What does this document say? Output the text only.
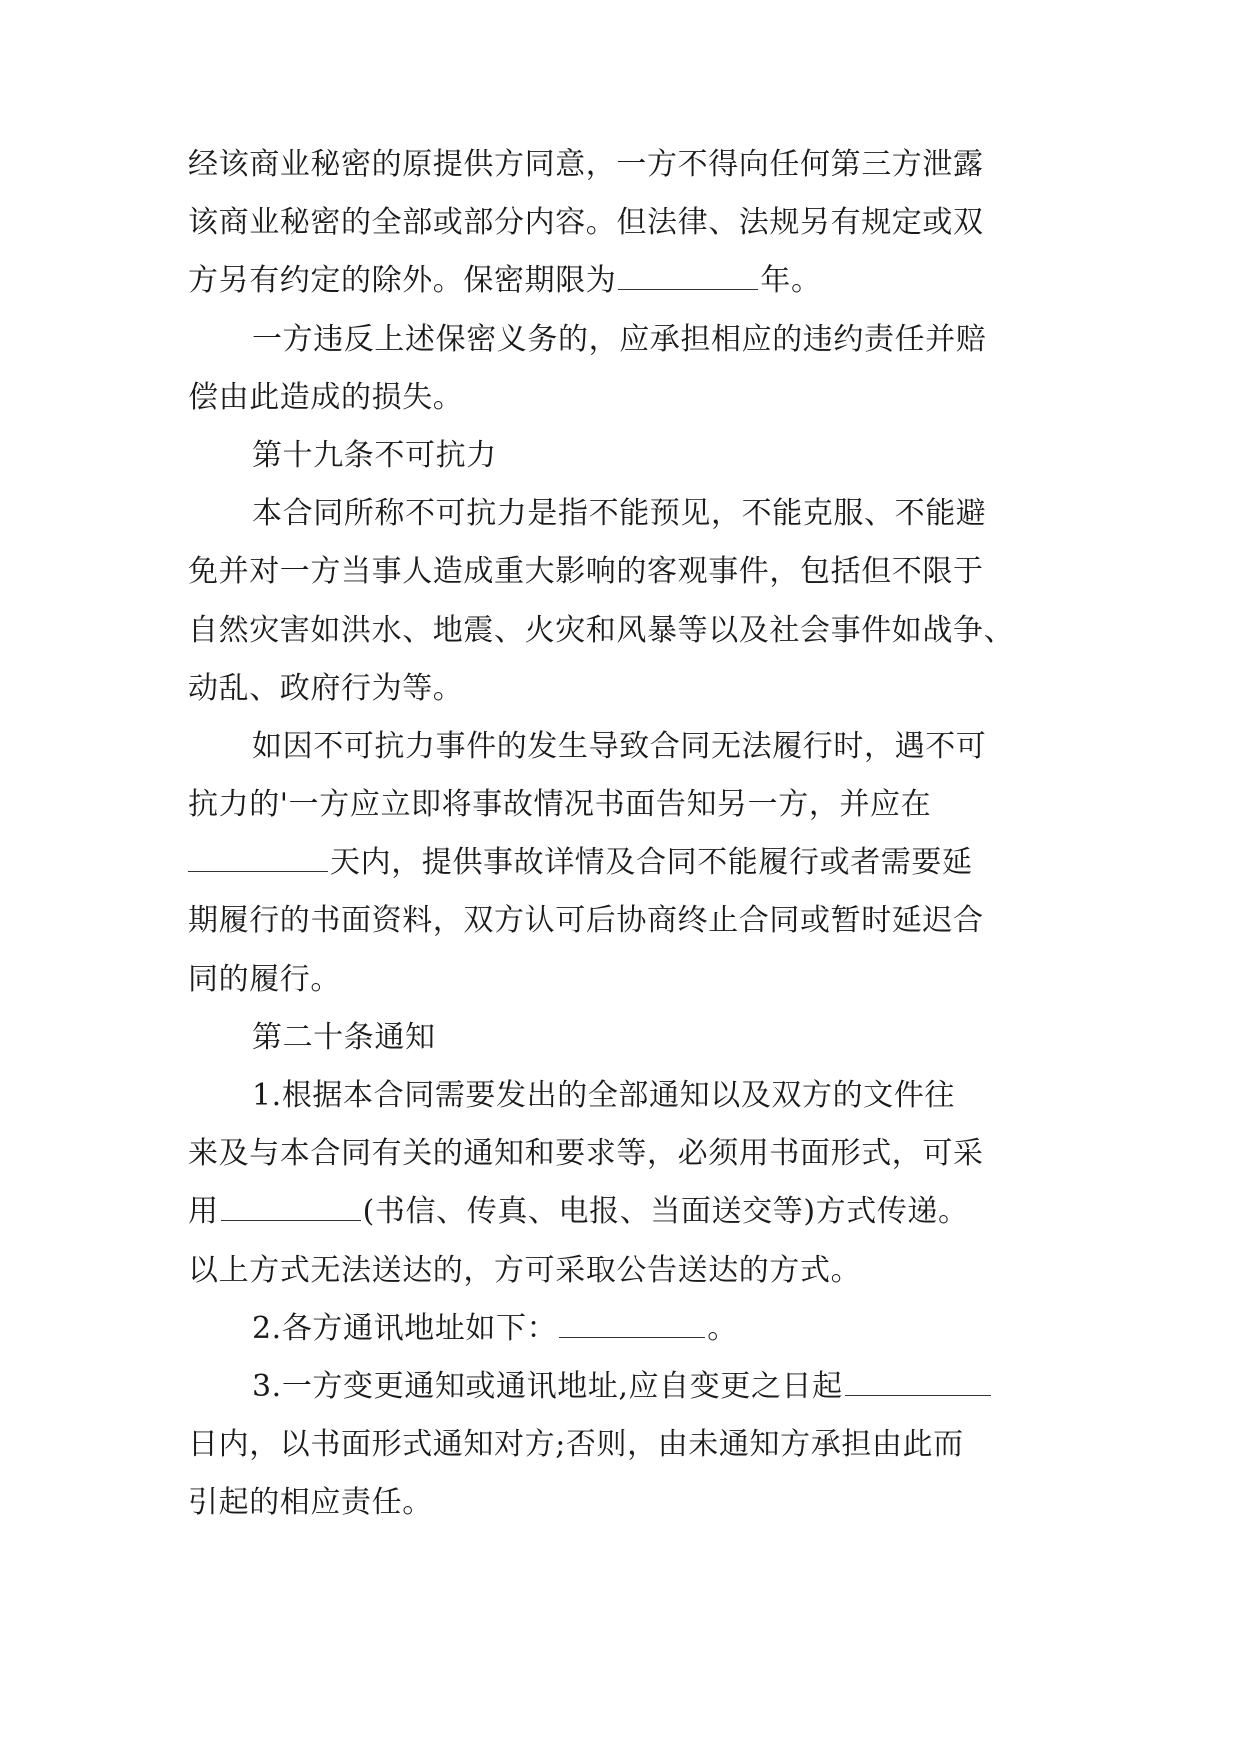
经该商业秘密的原提供方同意，一方不得向任何第三方泄露
该商业秘密的全部或部分内容。但法律、法规另有规定或双
方另有约定的除外。保密期限为	年。
一方违反上述保密义务的，应承担相应的违约责任并赔
偿由此造成的损失。
第十九条不可抗力
本合同所称不可抗力是指不能预见，不能克服、不能避
免并对一方当事人造成重大影响的客观事件，包括但不限于
自然灾害如洪水、地震、火灾和风暴等以及社会事件如战争、
动乱、政府行为等。
如因不可抗力事件的发生导致合同无法履行时，遇不可
抗力的'一方应立即将事故情况书面告知另一方，并应在
天内，提供事故详情及合同不能履行或者需要延
期履行的书面资料，双方认可后协商终止合同或暂时延迟合
同的履行。
第二十条通知
1.根据本合同需要发出的全部通知以及双方的文件往
来及与本合同有关的通知和要求等，必须用书面形式，可采
用	(书信、传真、电报、当面送交等)方式传递。
以上方式无法送达的，方可采取公告送达的方式。
2.各方通讯地址如下：	。
3.一方变更通知或通讯地址,应自变更之日起
日内，以书面形式通知对方;否则，由未通知方承担由此而
引起的相应责任。
